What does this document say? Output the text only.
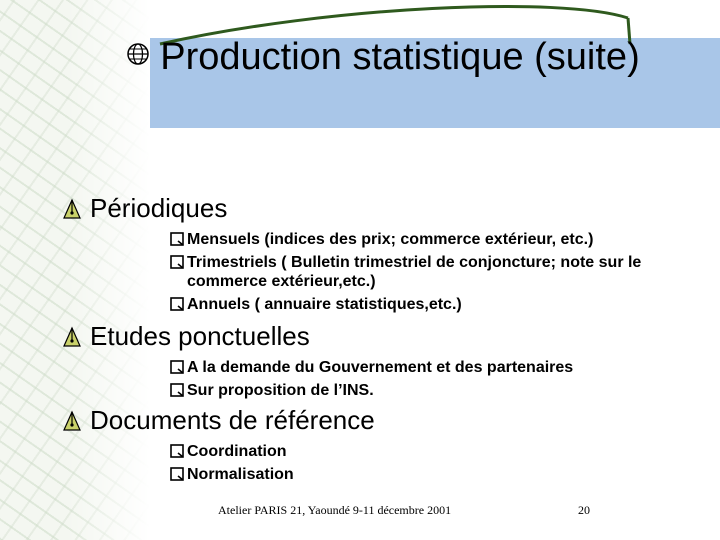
Production statistique (suite)
Périodiques
Mensuels (indices des prix; commerce extérieur, etc.)
Trimestriels ( Bulletin trimestriel de conjoncture; note sur le commerce extérieur,etc.)
Annuels ( annuaire statistiques,etc.)
Etudes ponctuelles
A la demande du Gouvernement et des partenaires
Sur proposition de l’INS.
Documents de référence
Coordination
Normalisation
Atelier PARIS 21, Yaoundé 9-11 décembre 2001	20
